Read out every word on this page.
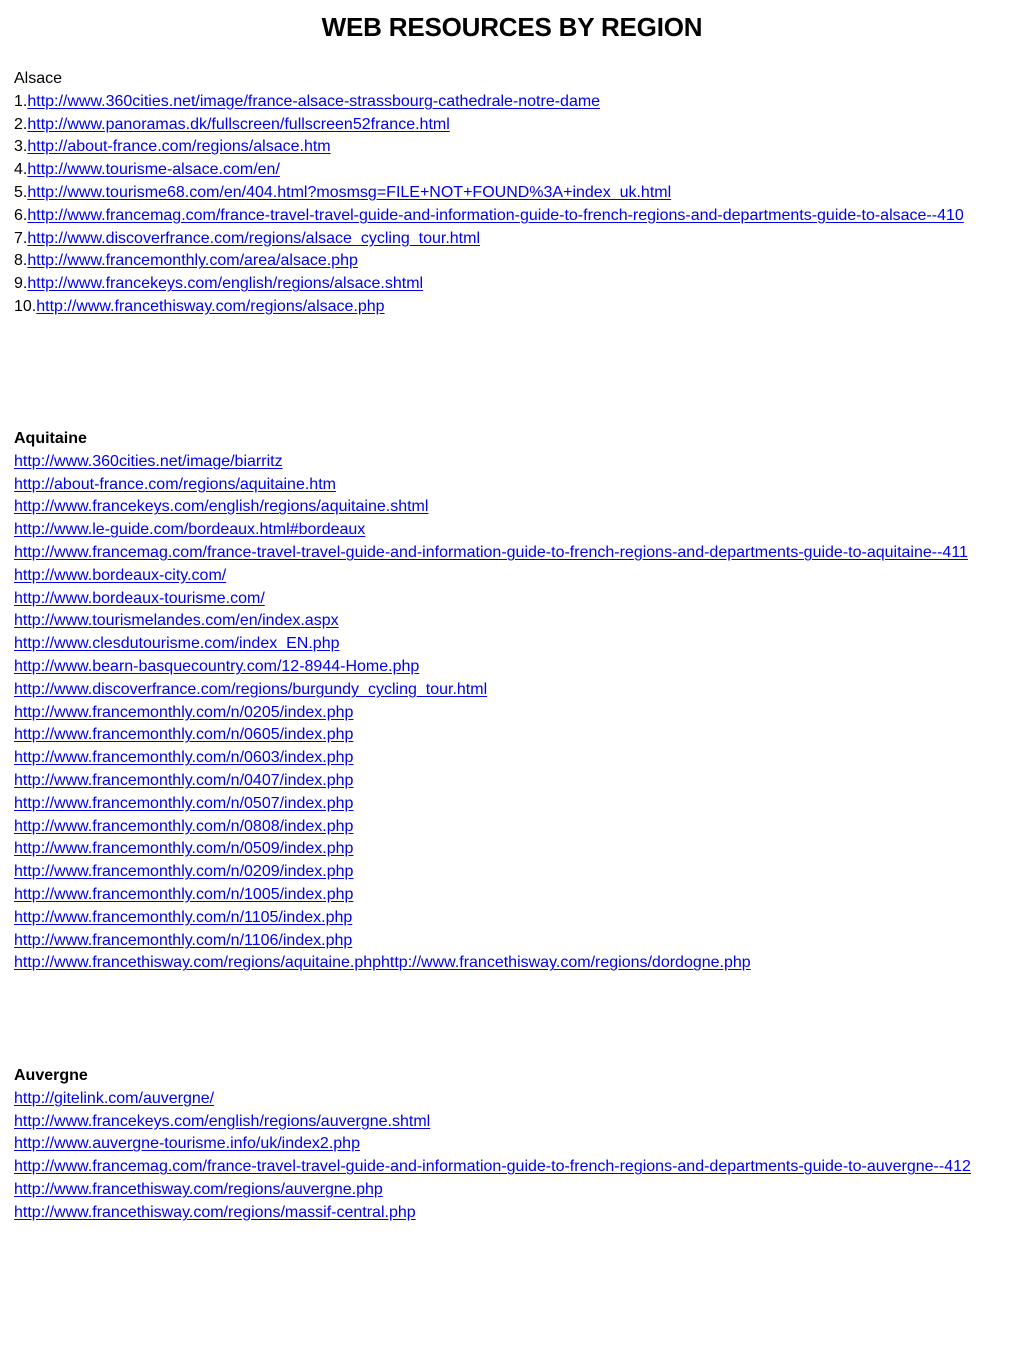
WEB RESOURCES BY REGION
Alsace
1.http://www.360cities.net/image/france-alsace-strassbourg-cathedrale-notre-dame
2.http://www.panoramas.dk/fullscreen/fullscreen52france.html
3.http://about-france.com/regions/alsace.htm
4.http://www.tourisme-alsace.com/en/
5.http://www.tourisme68.com/en/404.html?mosmsg=FILE+NOT+FOUND%3A+index_uk.html
6.http://www.francemag.com/france-travel-travel-guide-and-information-guide-to-french-regions-and-departments-guide-to-alsace--410
7.http://www.discoverfrance.com/regions/alsace_cycling_tour.html
8.http://www.francemonthly.com/area/alsace.php
9.http://www.francekeys.com/english/regions/alsace.shtml
10.http://www.francethisway.com/regions/alsace.php
Aquitaine
http://www.360cities.net/image/biarritz
http://about-france.com/regions/aquitaine.htm
http://www.francekeys.com/english/regions/aquitaine.shtml
http://www.le-guide.com/bordeaux.html#bordeaux
http://www.francemag.com/france-travel-travel-guide-and-information-guide-to-french-regions-and-departments-guide-to-aquitaine--411
http://www.bordeaux-city.com/
http://www.bordeaux-tourisme.com/
http://www.tourismelandes.com/en/index.aspx
http://www.clesdutourisme.com/index_EN.php
http://www.bearn-basquecountry.com/12-8944-Home.php
http://www.discoverfrance.com/regions/burgundy_cycling_tour.html
http://www.francemonthly.com/n/0205/index.php
http://www.francemonthly.com/n/0605/index.php
http://www.francemonthly.com/n/0603/index.php
http://www.francemonthly.com/n/0407/index.php
http://www.francemonthly.com/n/0507/index.php
http://www.francemonthly.com/n/0808/index.php
http://www.francemonthly.com/n/0509/index.php
http://www.francemonthly.com/n/0209/index.php
http://www.francemonthly.com/n/1005/index.php
http://www.francemonthly.com/n/1105/index.php
http://www.francemonthly.com/n/1106/index.php
http://www.francethisway.com/regions/aquitaine.phphttp://www.francethisway.com/regions/dordogne.php
Auvergne
http://gitelink.com/auvergne/
http://www.francekeys.com/english/regions/auvergne.shtml
http://www.auvergne-tourisme.info/uk/index2.php
http://www.francemag.com/france-travel-travel-guide-and-information-guide-to-french-regions-and-departments-guide-to-auvergne--412
http://www.francethisway.com/regions/auvergne.php
http://www.francethisway.com/regions/massif-central.php
